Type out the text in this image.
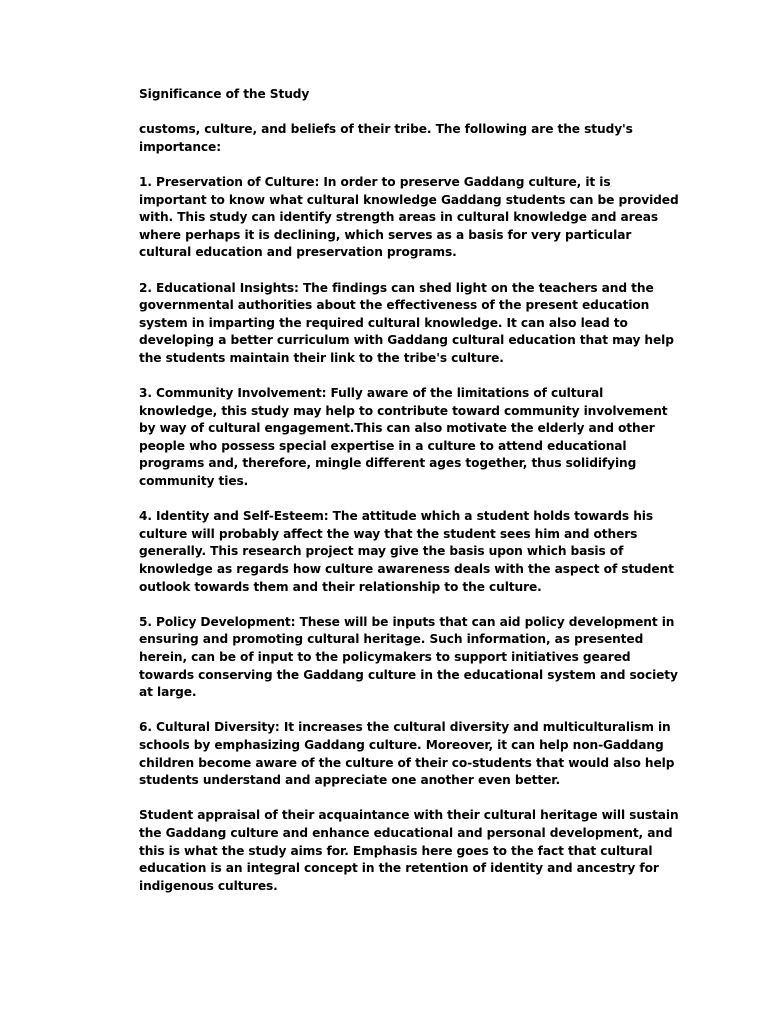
Significance of the Study

customs, culture, and beliefs of their tribe. The following are the study's importance:

1. Preservation of Culture: In order to preserve Gaddang culture, it is important to know what cultural knowledge Gaddang students can be provided with. This study can identify strength areas in cultural knowledge and areas where perhaps it is declining, which serves as a basis for very particular cultural education and preservation programs.

2. Educational Insights: The findings can shed light on the teachers and the governmental authorities about the effectiveness of the present education system in imparting the required cultural knowledge. It can also lead to developing a better curriculum with Gaddang cultural education that may help the students maintain their link to the tribe's culture.

3. Community Involvement: Fully aware of the limitations of cultural knowledge, this study may help to contribute toward community involvement by way of cultural engagement.This can also motivate the elderly and other people who possess special expertise in a culture to attend educational programs and, therefore, mingle different ages together, thus solidifying community ties.

4. Identity and Self-Esteem: The attitude which a student holds towards his culture will probably affect the way that the student sees him and others generally. This research project may give the basis upon which basis of knowledge as regards how culture awareness deals with the aspect of student outlook towards them and their relationship to the culture.

5. Policy Development: These will be inputs that can aid policy development in ensuring and promoting cultural heritage. Such information, as presented herein, can be of input to the policymakers to support initiatives geared towards conserving the Gaddang culture in the educational system and society at large.

6. Cultural Diversity: It increases the cultural diversity and multiculturalism in schools by emphasizing Gaddang culture. Moreover, it can help non-Gaddang children become aware of the culture of their co-students that would also help students understand and appreciate one another even better.

Student appraisal of their acquaintance with their cultural heritage will sustain the Gaddang culture and enhance educational and personal development, and this is what the study aims for. Emphasis here goes to the fact that cultural education is an integral concept in the retention of identity and ancestry for indigenous cultures.
